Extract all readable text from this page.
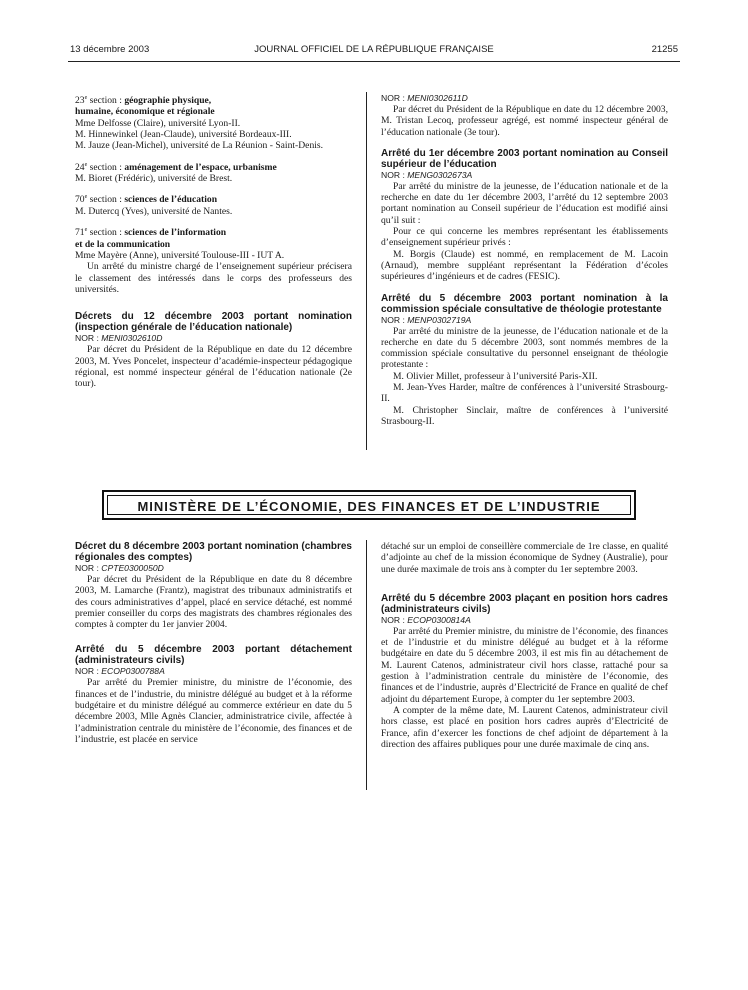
13 décembre 2003	JOURNAL OFFICIEL DE LA RÉPUBLIQUE FRANÇAISE	21255

23e section : géographie physique,
humaine, économique et régionale

Mme Delfosse (Claire), université Lyon-II.

M. Hinnewinkel (Jean-Claude), université Bordeaux-III.

M. Jauze (Jean-Michel), université de La Réunion - Saint-Denis.

24e section : aménagement de l’espace, urbanisme

M. Bioret (Frédéric), université de Brest.

70e section : sciences de l’éducation

M. Dutercq (Yves), université de Nantes.

71e section : sciences de l’information
et de la communication

Mme Mayère (Anne), université Toulouse-III - IUT A.

Un arrêté du ministre chargé de l’enseignement supérieur précisera le classement des intéressés dans le corps des professeurs des universités.

Décrets du 12 décembre 2003 portant nomination (inspection générale de l’éducation nationale)

NOR : MENI0302610D

Par décret du Président de la République en date du 12 décembre 2003, M. Yves Poncelet, inspecteur d’académie-inspecteur pédagogique régional, est nommé inspecteur général de l’éducation nationale (2e tour).

NOR : MENI0302611D

Par décret du Président de la République en date du 12 décembre 2003, M. Tristan Lecoq, professeur agrégé, est nommé inspecteur général de l’éducation nationale (3e tour).

Arrêté du 1er décembre 2003 portant nomination au Conseil supérieur de l’éducation

NOR : MENG0302673A

Par arrêté du ministre de la jeunesse, de l’éducation nationale et de la recherche en date du 1er décembre 2003, l’arrêté du 12 septembre 2003 portant nomination au Conseil supérieur de l’éducation est modifié ainsi qu’il suit :

Pour ce qui concerne les membres représentant les établissements d’enseignement supérieur privés :

M. Borgis (Claude) est nommé, en remplacement de M. Lacoin (Arnaud), membre suppléant représentant la Fédération d’écoles supérieures d’ingénieurs et de cadres (FESIC).

Arrêté du 5 décembre 2003 portant nomination à la commission spéciale consultative de théologie protestante

NOR : MENP0302719A

Par arrêté du ministre de la jeunesse, de l’éducation nationale et de la recherche en date du 5 décembre 2003, sont nommés membres de la commission spéciale consultative du personnel enseignant de théologie protestante :

M. Olivier Millet, professeur à l’université Paris-XII.

M. Jean-Yves Harder, maître de conférences à l’université Strasbourg-II.

M. Christopher Sinclair, maître de conférences à l’université Strasbourg-II.

MINISTÈRE DE L’ÉCONOMIE, DES FINANCES ET DE L’INDUSTRIE

Décret du 8 décembre 2003 portant nomination (chambres régionales des comptes)

NOR : CPTE0300050D

Par décret du Président de la République en date du 8 décembre 2003, M. Lamarche (Frantz), magistrat des tribunaux administratifs et des cours administratives d’appel, placé en service détaché, est nommé premier conseiller du corps des magistrats des chambres régionales des comptes à compter du 1er janvier 2004.

Arrêté du 5 décembre 2003 portant détachement (administrateurs civils)

NOR : ECOP0300788A

Par arrêté du Premier ministre, du ministre de l’économie, des finances et de l’industrie, du ministre délégué au budget et à la réforme budgétaire et du ministre délégué au commerce extérieur en date du 5 décembre 2003, Mlle Agnès Clancier, administratrice civile, affectée à l’administration centrale du ministère de l’économie, des finances et de l’industrie, est placée en service

détaché sur un emploi de conseillère commerciale de 1re classe, en qualité d’adjointe au chef de la mission économique de Sydney (Australie), pour une durée maximale de trois ans à compter du 1er septembre 2003.

Arrêté du 5 décembre 2003 plaçant en position hors cadres (administrateurs civils)

NOR : ECOP0300814A

Par arrêté du Premier ministre, du ministre de l’économie, des finances et de l’industrie et du ministre délégué au budget et à la réforme budgétaire en date du 5 décembre 2003, il est mis fin au détachement de M. Laurent Catenos, administrateur civil hors classe, rattaché pour sa gestion à l’administration centrale du ministère de l’économie, des finances et de l’industrie, auprès d’Electricité de France en qualité de chef adjoint du département Europe, à compter du 1er septembre 2003.

A compter de la même date, M. Laurent Catenos, administrateur civil hors classe, est placé en position hors cadres auprès d’Electricité de France, afin d’exercer les fonctions de chef adjoint de département à la direction des affaires publiques pour une durée maximale de cinq ans.
